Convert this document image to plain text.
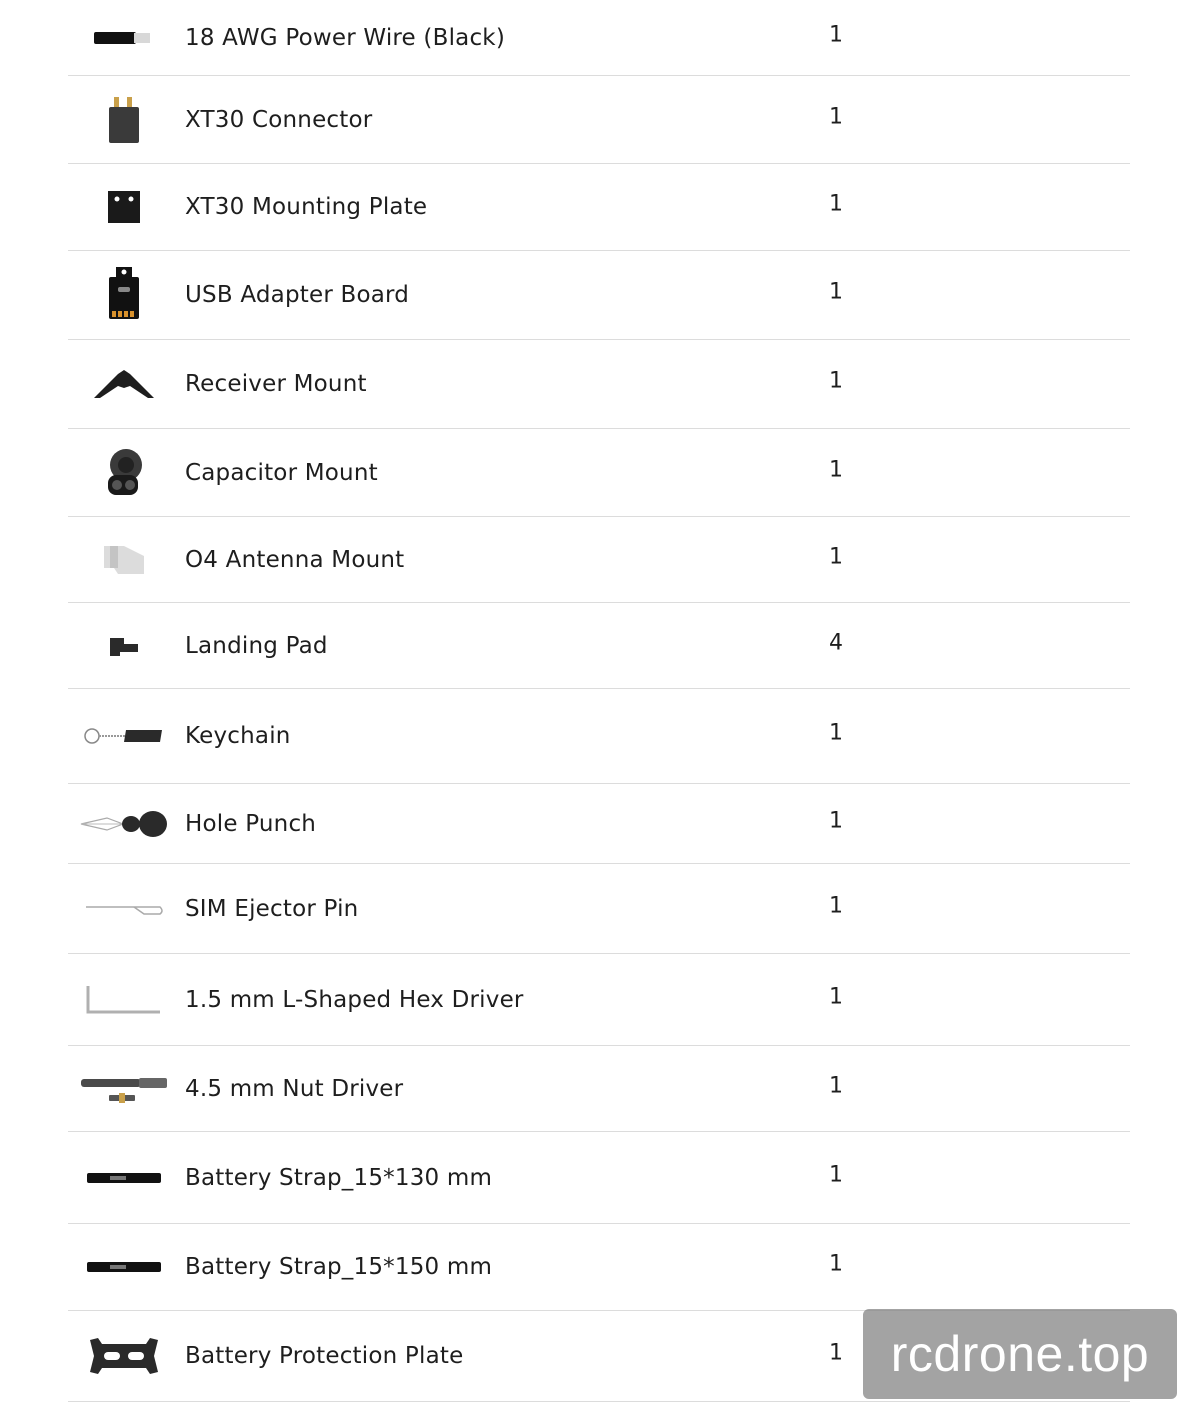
18 AWG Power Wire (Black)	1
XT30 Connector	1
XT30 Mounting Plate	1
USB Adapter Board	1
Receiver Mount	1
Capacitor Mount	1
O4 Antenna Mount	1
Landing Pad	4
Keychain	1
Hole Punch	1
SIM Ejector Pin	1
1.5 mm L-Shaped Hex Driver	1
4.5 mm Nut Driver	1
Battery Strap_15*130 mm	1
Battery Strap_15*150 mm	1
Battery Protection Plate	1 rcdrone.top
